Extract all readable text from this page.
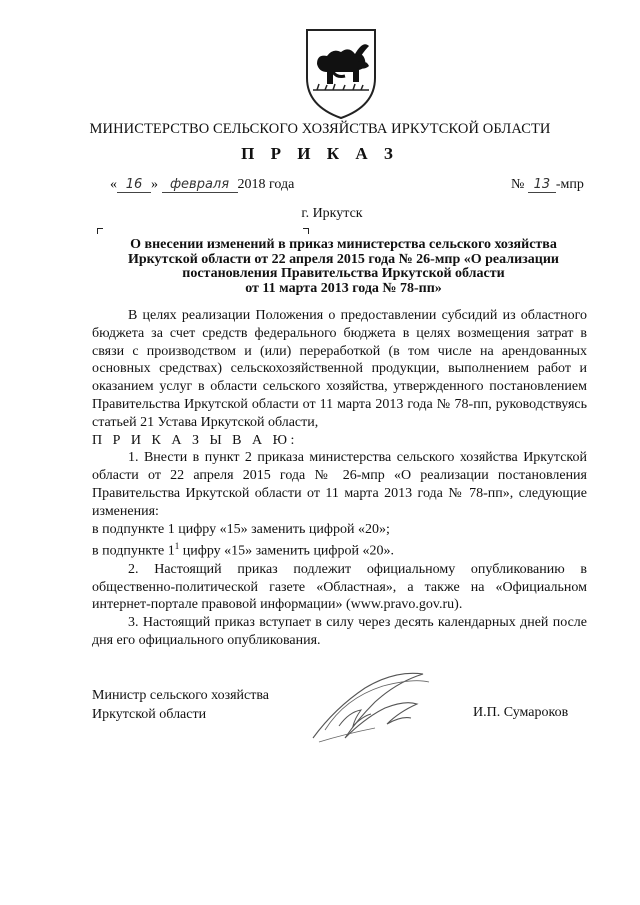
МИНИСТЕРСТВО СЕЛЬСКОГО ХОЗЯЙСТВА ИРКУТСКОЙ ОБЛАСТИ
П Р И К А З
« 16 » февраля 2018 года	№ 13 -мпр
г. Иркутск
О внесении изменений в приказ министерства сельского хозяйства
Иркутской области от 22 апреля 2015 года № 26-мпр «О реализации
постановления Правительства Иркутской области
от 11 марта 2013 года № 78-пп»

В целях реализации Положения о предоставлении субсидий из областного бюджета за счет средств федерального бюджета в целях возмещения затрат в связи с производством и (или) переработкой (в том числе на арендованных основных средствах) сельскохозяйственной продукции, выполнением работ и оказанием услуг в области сельского хозяйства, утвержденного постановлением Правительства Иркутской области от 11 марта 2013 года № 78-пп, руководствуясь статьей 21 Устава Иркутской области,

П Р И К А З Ы В А Ю:

1. Внести в пункт 2 приказа министерства сельского хозяйства Иркутской области от 22 апреля 2015 года № 26-мпр «О реализации постановления Правительства Иркутской области от 11 марта 2013 года № 78-пп», следующие изменения:

в подпункте 1 цифру «15» заменить цифрой «20»;

в подпункте $1^1$ цифру «15» заменить цифрой «20».

2. Настоящий приказ подлежит официальному опубликованию в общественно-политической газете «Областная», а также на «Официальном интернет-портале правовой информации» (www.pravo.gov.ru).

3. Настоящий приказ вступает в силу через десять календарных дней после дня его официального опубликования.

Министр сельского хозяйства
Иркутской области	И.П. Сумароков
